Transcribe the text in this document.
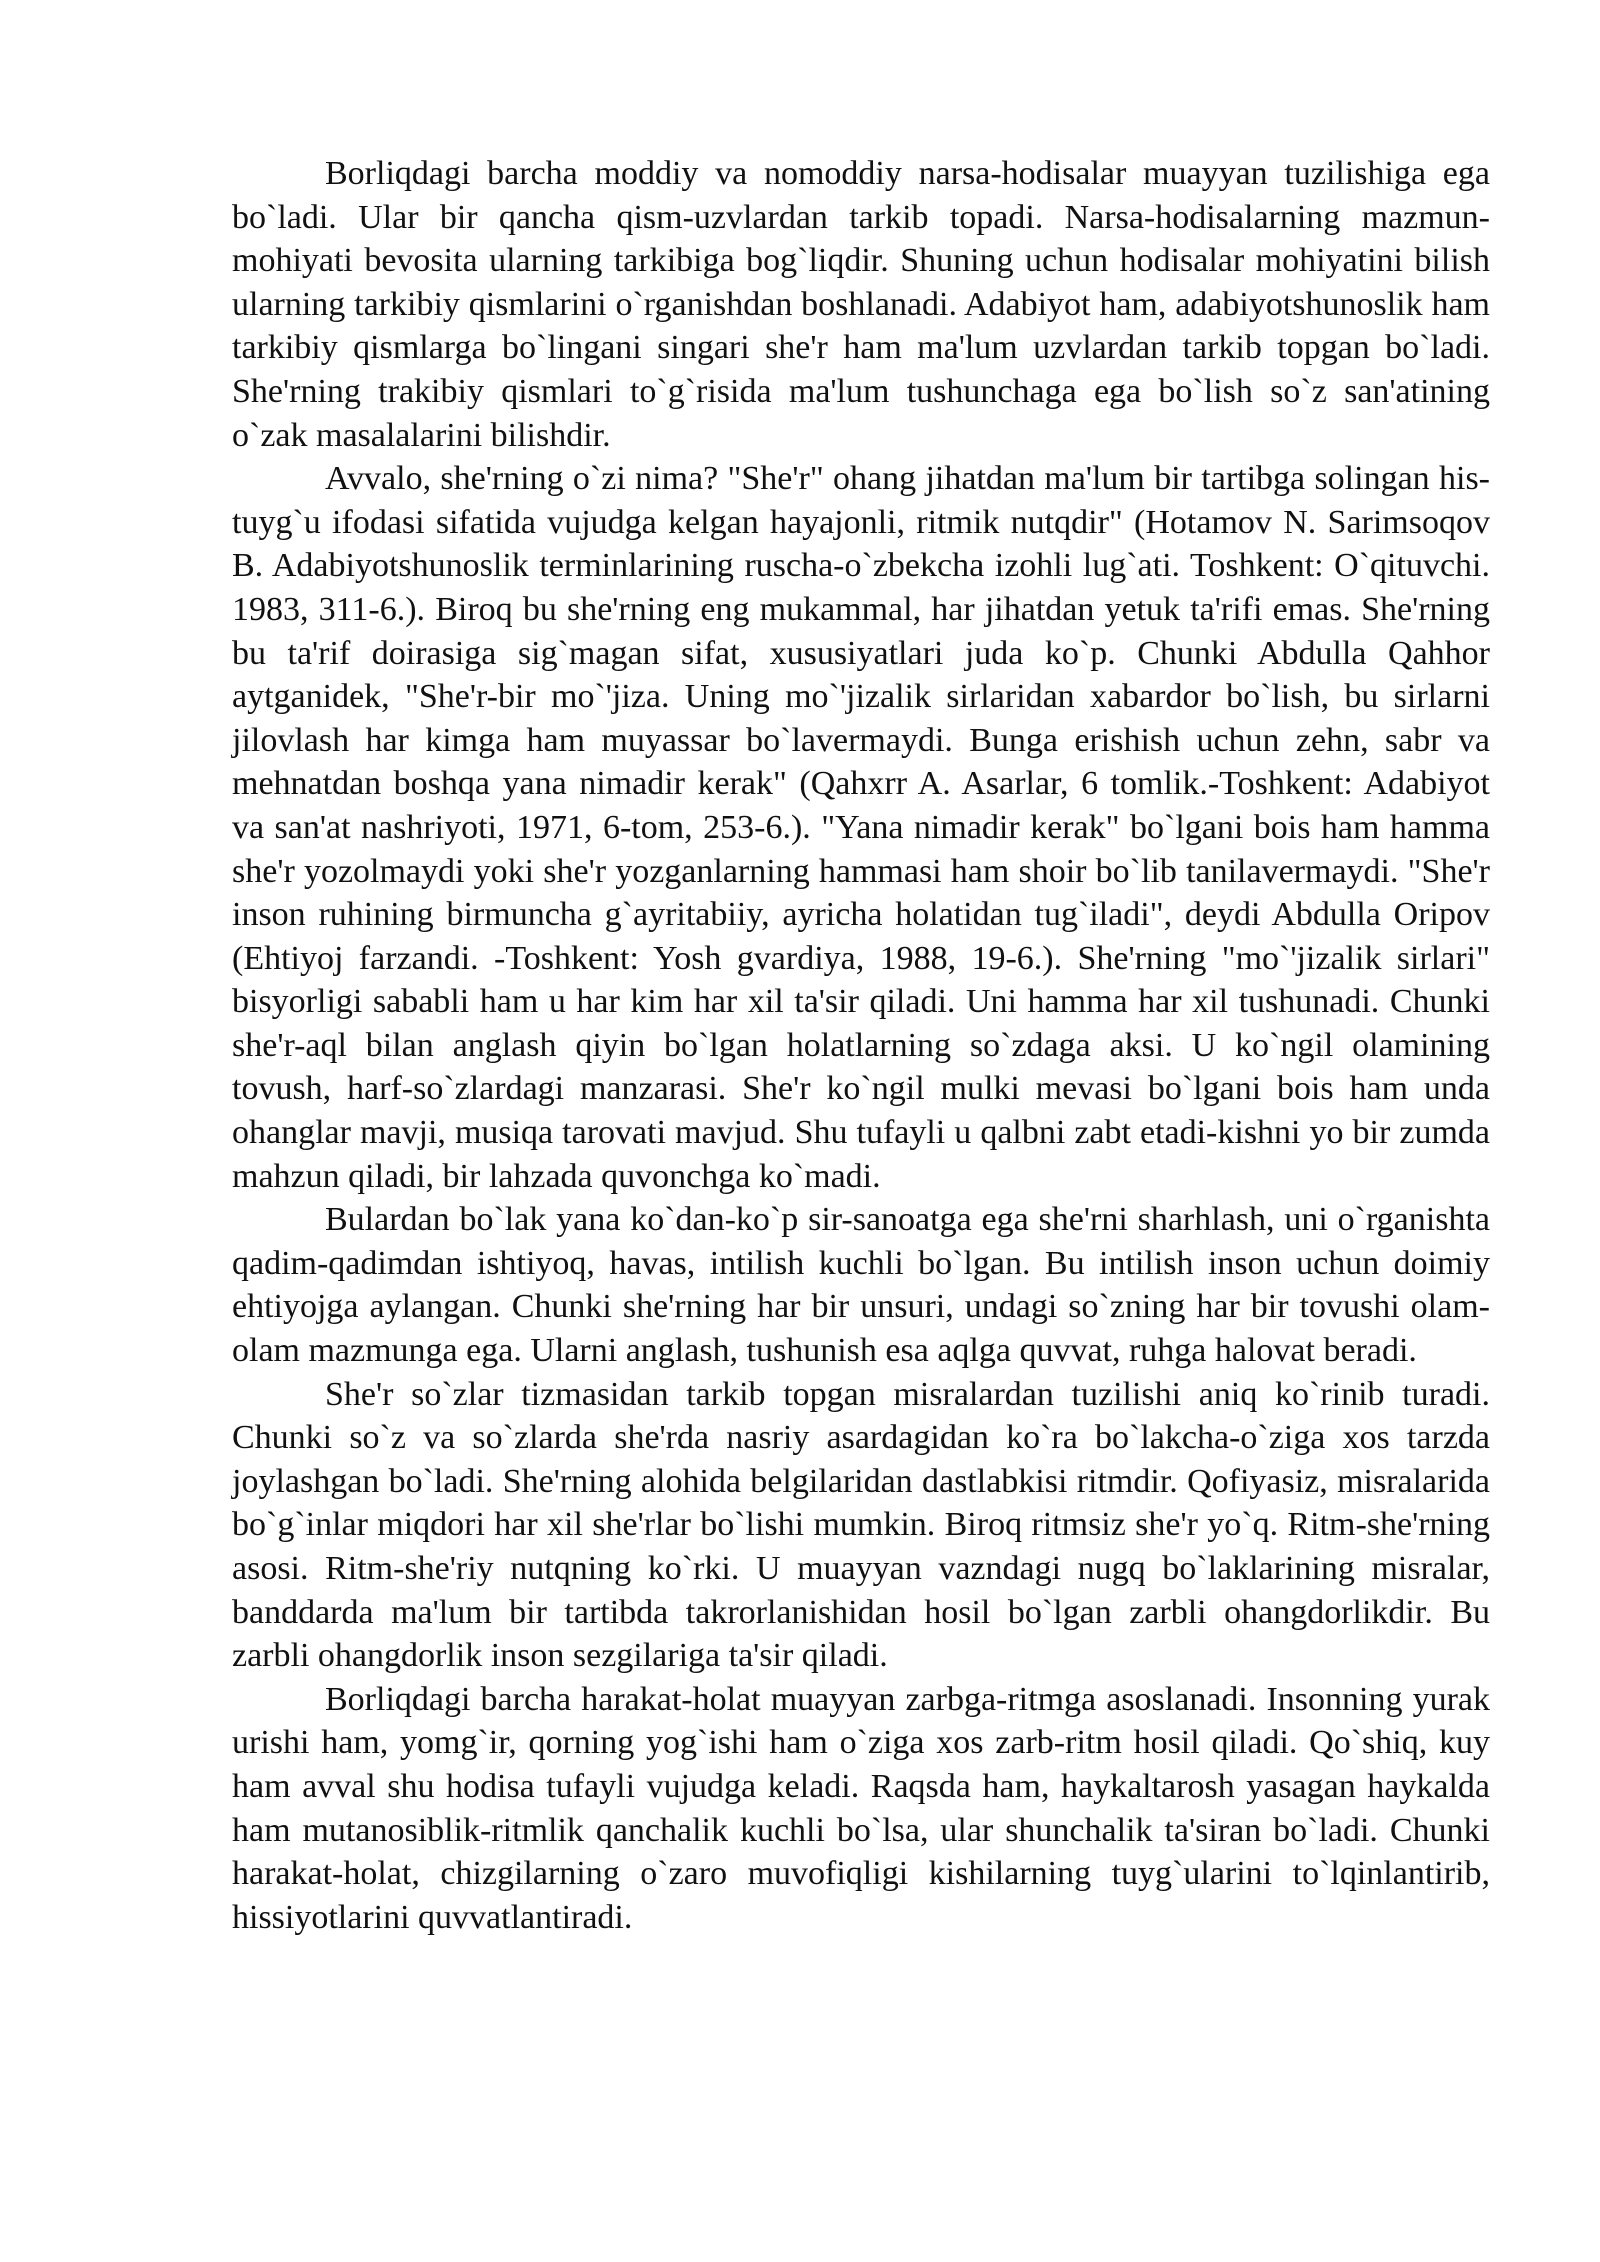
Borliqdagi barcha moddiy va nomoddiy narsa-hodisalar muayyan tuzilishiga ega bo`ladi. Ular bir qancha qism-uzvlardan tarkib topadi. Narsa-hodisalarning mazmun-mohiyati bevosita ularning tarkibiga bog`liqdir. Shuning uchun hodisalar mohiyatini bilish ularning tarkibiy qismlarini o`rganishdan boshlanadi. Adabiyot ham, adabiyotshunoslik ham tarkibiy qismlarga bo`lingani singari she'r ham ma'lum uzvlardan tarkib topgan bo`ladi. She'rning trakibiy qismlari to`g`risida ma'lum tushunchaga ega bo`lish so`z san'atining o`zak masalalarini bilishdir.

Avvalo, she'rning o`zi nima? "She'r" ohang jihatdan ma'lum bir tartibga solingan his-tuyg`u ifodasi sifatida vujudga kelgan hayajonli, ritmik nutqdir" (Hotamov N. Sarimsoqov B. Adabiyotshunoslik terminlarining ruscha-o`zbekcha izohli lug`ati. Toshkent: O`qituvchi. 1983, 311-6.). Biroq bu she'rning eng mukammal, har jihatdan yetuk ta'rifi emas. She'rning bu ta'rif doirasiga sig`magan sifat, xususiyatlari juda ko`p. Chunki Abdulla Qahhor aytganidek, "She'r-bir mo`'jiza. Uning mo`'jizalik sirlaridan xabardor bo`lish, bu sirlarni jilovlash har kimga ham muyassar bo`lavermaydi. Bunga erishish uchun zehn, sabr va mehnatdan boshqa yana nimadir kerak" (Qahxrr A. Asarlar, 6 tomlik.-Toshkent: Adabiyot va san'at nashriyoti, 1971, 6-tom, 253-6.). "Yana nimadir kerak" bo`lgani bois ham hamma she'r yozolmaydi yoki she'r yozganlarning hammasi ham shoir bo`lib tanilavermaydi. "She'r inson ruhining birmuncha g`ayritabiiy, ayricha holatidan tug`iladi", deydi Abdulla Oripov (Ehtiyoj farzandi. -Toshkent: Yosh gvardiya, 1988, 19-6.). She'rning "mo`'jizalik sirlari" bisyorligi sababli ham u har kim har xil ta'sir qiladi. Uni hamma har xil tushunadi. Chunki she'r-aql bilan anglash qiyin bo`lgan holatlarning so`zdaga aksi. U ko`ngil olamining tovush, harf-so`zlardagi manzarasi. She'r ko`ngil mulki mevasi bo`lgani bois ham unda ohanglar mavji, musiqa tarovati mavjud. Shu tufayli u qalbni zabt etadi-kishni yo bir zumda mahzun qiladi, bir lahzada quvonchga ko`madi.

Bulardan bo`lak yana ko`dan-ko`p sir-sanoatga ega she'rni sharhlash, uni o`rganishta qadim-qadimdan ishtiyoq, havas, intilish kuchli bo`lgan. Bu intilish inson uchun doimiy ehtiyojga aylangan. Chunki she'rning har bir unsuri, undagi so`zning har bir tovushi olam-olam mazmunga ega. Ularni anglash, tushunish esa aqlga quvvat, ruhga halovat beradi.

She'r so`zlar tizmasidan tarkib topgan misralardan tuzilishi aniq ko`rinib turadi. Chunki so`z va so`zlarda she'rda nasriy asardagidan ko`ra bo`lakcha-o`ziga xos tarzda joylashgan bo`ladi. She'rning alohida belgilaridan dastlabkisi ritmdir. Qofiyasiz, misralarida bo`g`inlar miqdori har xil she'rlar bo`lishi mumkin. Biroq ritmsiz she'r yo`q. Ritm-she'rning asosi. Ritm-she'riy nutqning ko`rki. U muayyan vazndagi nugq bo`laklarining misralar, banddarda ma'lum bir tartibda takrorlanishidan hosil bo`lgan zarbli ohangdorlikdir. Bu zarbli ohangdorlik inson sezgilariga ta'sir qiladi.

Borliqdagi barcha harakat-holat muayyan zarbga-ritmga asoslanadi. Insonning yurak urishi ham, yomg`ir, qorning yog`ishi ham o`ziga xos zarb-ritm hosil qiladi. Qo`shiq, kuy ham avval shu hodisa tufayli vujudga keladi. Raqsda ham, haykaltarosh yasagan haykalda ham mutanosiblik-ritmlik qanchalik kuchli bo`lsa, ular shunchalik ta'siran bo`ladi. Chunki harakat-holat, chizgilarning o`zaro muvofiqligi kishilarning tuyg`ularini to`lqinlantirib, hissiyotlarini quvvatlantiradi.
